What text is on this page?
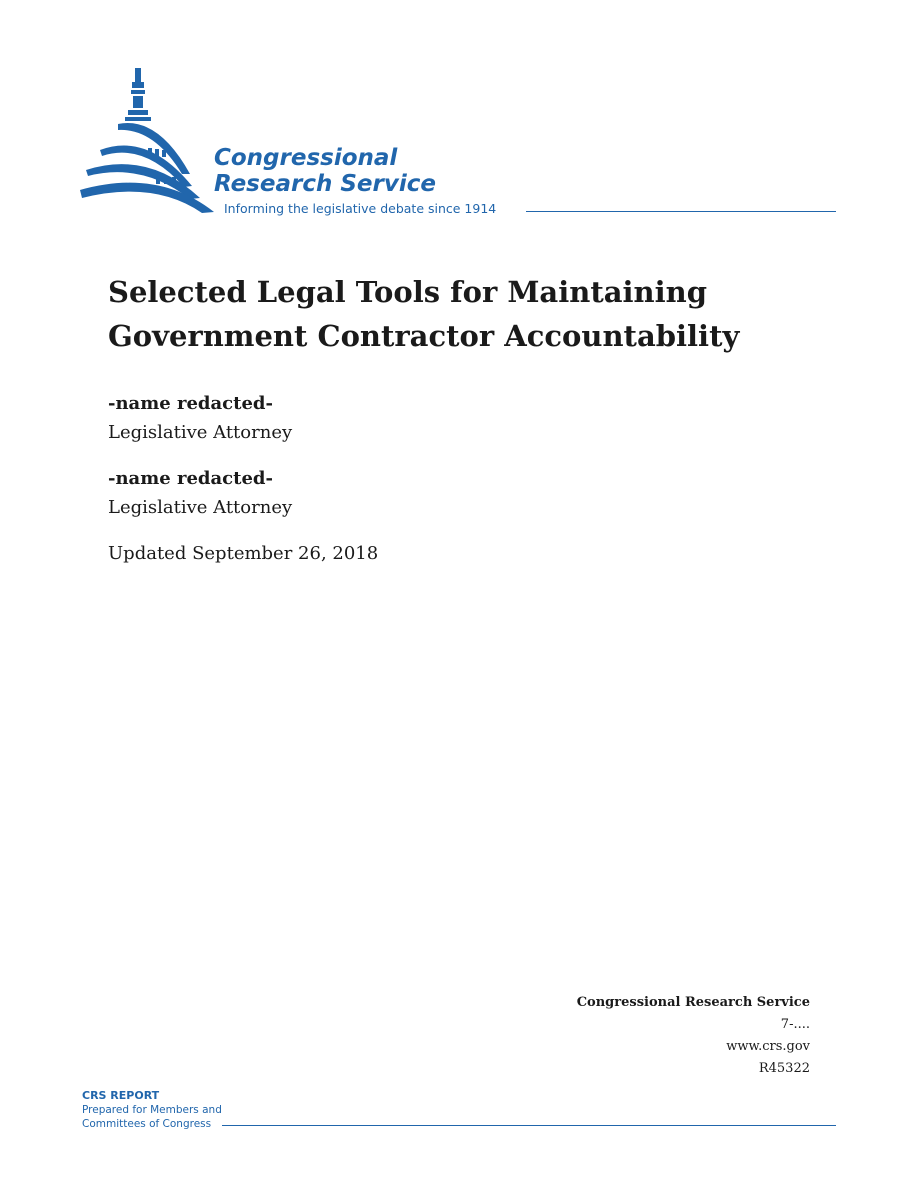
Congressional

Research Service

Informing the legislative debate since 1914
Selected Legal Tools for Maintaining
Government Contractor Accountability

-name redacted-

Legislative Attorney

-name redacted-

Legislative Attorney

Updated September 26, 2018

Congressional Research Service
7-....
www.crs.gov
R45322
CRS REPORT
Prepared for Members and
Committees of Congress
